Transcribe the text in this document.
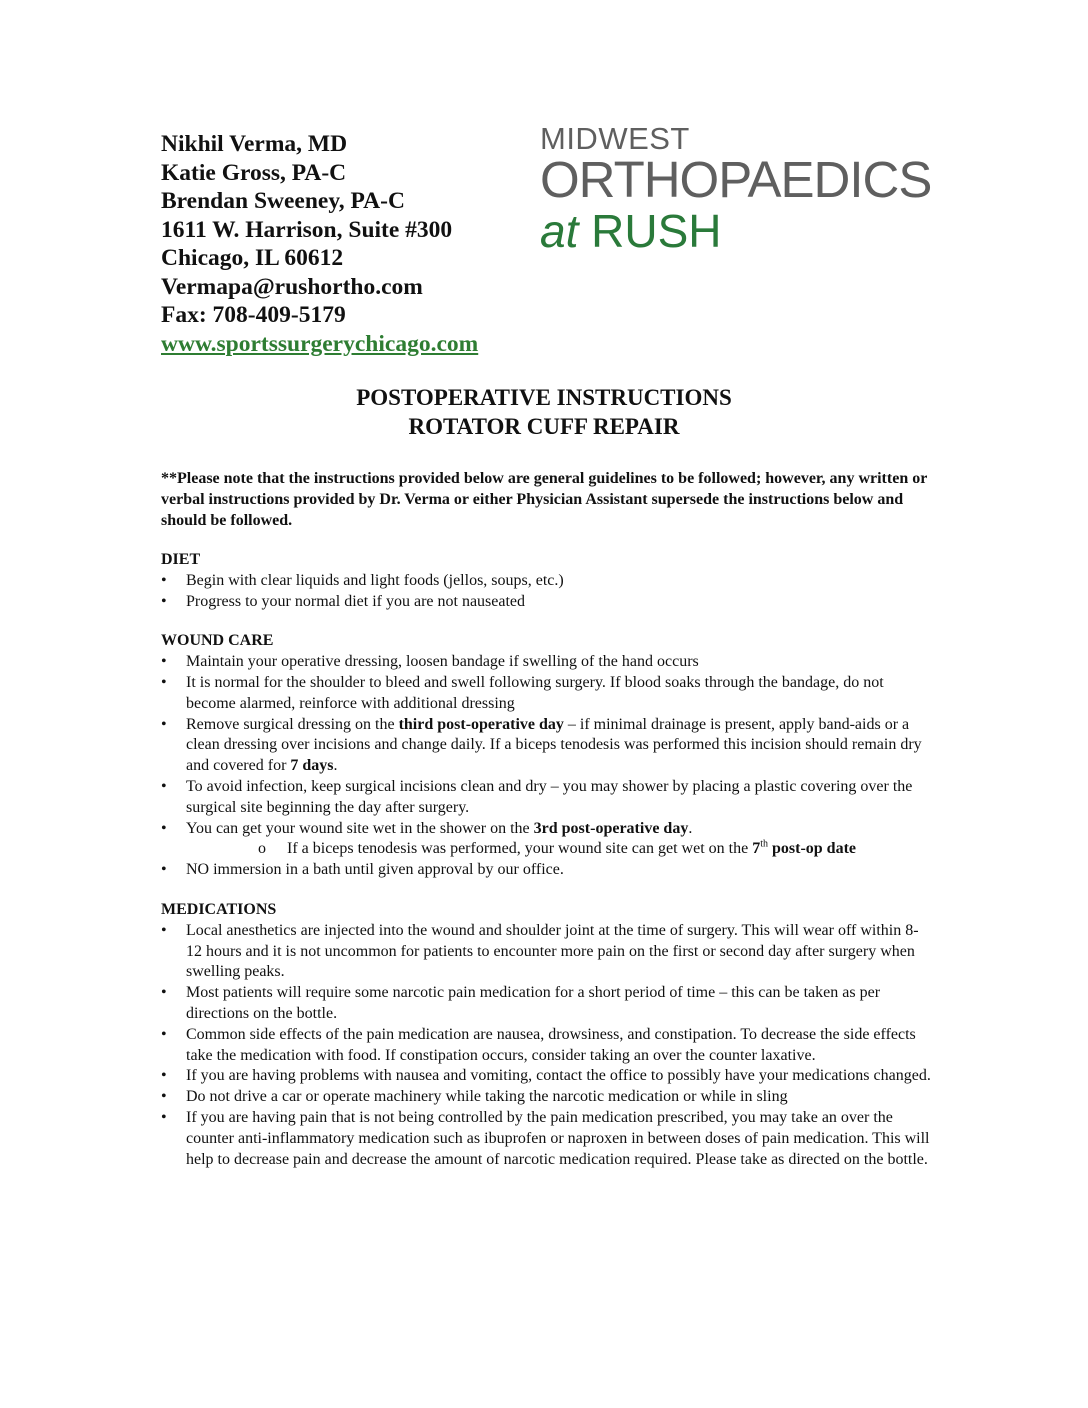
Nikhil Verma, MD
Katie Gross, PA-C
Brendan Sweeney, PA-C
1611 W. Harrison, Suite #300
Chicago, IL 60612
Vermapa@rushortho.com
Fax: 708-409-5179
www.sportssurgerychicago.com
MIDWEST
ORTHOPAEDICS
at RUSH
POSTOPERATIVE INSTRUCTIONS
ROTATOR CUFF REPAIR
**Please note that the instructions provided below are general guidelines to be followed; however, any written or verbal instructions provided by Dr. Verma or either Physician Assistant supersede the instructions below and should be followed.
DIET
• Begin with clear liquids and light foods (jellos, soups, etc.)
• Progress to your normal diet if you are not nauseated
WOUND CARE
• Maintain your operative dressing, loosen bandage if swelling of the hand occurs
• It is normal for the shoulder to bleed and swell following surgery. If blood soaks through the bandage, do not become alarmed, reinforce with additional dressing
• Remove surgical dressing on the third post-operative day – if minimal drainage is present, apply band-aids or a clean dressing over incisions and change daily. If a biceps tenodesis was performed this incision should remain dry and covered for 7 days.
• To avoid infection, keep surgical incisions clean and dry – you may shower by placing a plastic covering over the surgical site beginning the day after surgery.
• You can get your wound site wet in the shower on the 3rd post-operative day.
o If a biceps tenodesis was performed, your wound site can get wet on the 7th post-op date
• NO immersion in a bath until given approval by our office.
MEDICATIONS
• Local anesthetics are injected into the wound and shoulder joint at the time of surgery. This will wear off within 8-12 hours and it is not uncommon for patients to encounter more pain on the first or second day after surgery when swelling peaks.
• Most patients will require some narcotic pain medication for a short period of time – this can be taken as per directions on the bottle.
• Common side effects of the pain medication are nausea, drowsiness, and constipation. To decrease the side effects take the medication with food. If constipation occurs, consider taking an over the counter laxative.
• If you are having problems with nausea and vomiting, contact the office to possibly have your medications changed.
• Do not drive a car or operate machinery while taking the narcotic medication or while in sling
• If you are having pain that is not being controlled by the pain medication prescribed, you may take an over the counter anti-inflammatory medication such as ibuprofen or naproxen in between doses of pain medication. This will help to decrease pain and decrease the amount of narcotic medication required. Please take as directed on the bottle.
